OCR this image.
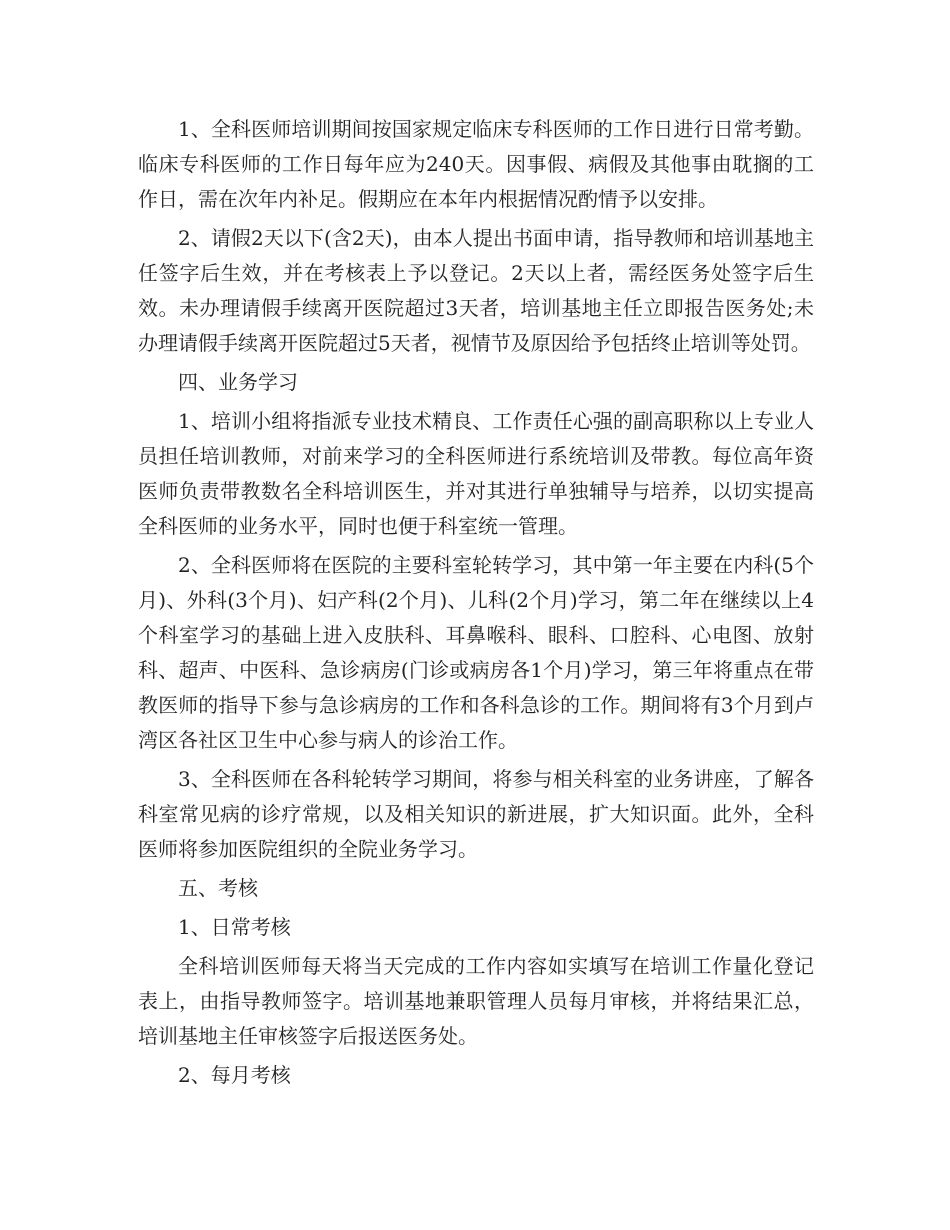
1、全科医师培训期间按国家规定临床专科医师的工作日进行日常考勤。临床专科医师的工作日每年应为240天。因事假、病假及其他事由耽搁的工作日，需在次年内补足。假期应在本年内根据情况酌情予以安排。

2、请假2天以下(含2天)，由本人提出书面申请，指导教师和培训基地主任签字后生效，并在考核表上予以登记。2天以上者，需经医务处签字后生效。未办理请假手续离开医院超过3天者，培训基地主任立即报告医务处;未办理请假手续离开医院超过5天者，视情节及原因给予包括终止培训等处罚。

四、业务学习

1、培训小组将指派专业技术精良、工作责任心强的副高职称以上专业人员担任培训教师，对前来学习的全科医师进行系统培训及带教。每位高年资医师负责带教数名全科培训医生，并对其进行单独辅导与培养，以切实提高全科医师的业务水平，同时也便于科室统一管理。

2、全科医师将在医院的主要科室轮转学习，其中第一年主要在内科(5个月)、外科(3个月)、妇产科(2个月)、儿科(2个月)学习，第二年在继续以上4个科室学习的基础上进入皮肤科、耳鼻喉科、眼科、口腔科、心电图、放射科、超声、中医科、急诊病房(门诊或病房各1个月)学习，第三年将重点在带教医师的指导下参与急诊病房的工作和各科急诊的工作。期间将有3个月到卢湾区各社区卫生中心参与病人的诊治工作。

3、全科医师在各科轮转学习期间，将参与相关科室的业务讲座，了解各科室常见病的诊疗常规，以及相关知识的新进展，扩大知识面。此外，全科医师将参加医院组织的全院业务学习。

五、考核

1、日常考核

全科培训医师每天将当天完成的工作内容如实填写在培训工作量化登记表上，由指导教师签字。培训基地兼职管理人员每月审核，并将结果汇总，培训基地主任审核签字后报送医务处。

2、每月考核
